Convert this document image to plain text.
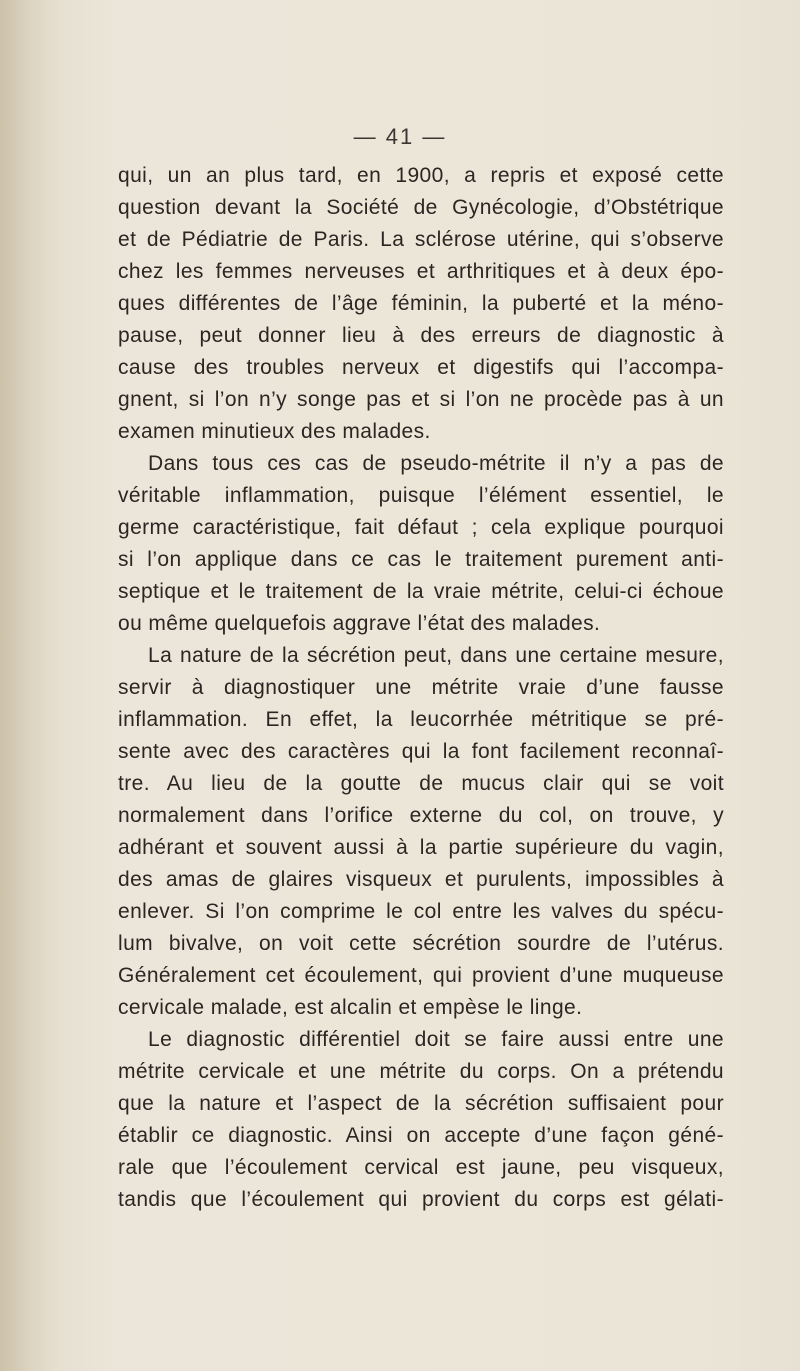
— 41 —
qui, un an plus tard, en 1900, a repris et exposé cette
question devant la Société de Gynécologie, d’Obstétrique
et de Pédiatrie de Paris. La sclérose utérine, qui s’observe
chez les femmes nerveuses et arthritiques et à deux épo-
ques différentes de l’âge féminin, la puberté et la méno-
pause, peut donner lieu à des erreurs de diagnostic à
cause des troubles nerveux et digestifs qui l’accompa-
gnent, si l’on n’y songe pas et si l’on ne procède pas à un
examen minutieux des malades.
Dans tous ces cas de pseudo-métrite il n’y a pas de
véritable inflammation, puisque l’élément essentiel, le
germe caractéristique, fait défaut ; cela explique pourquoi
si l’on applique dans ce cas le traitement purement anti-
septique et le traitement de la vraie métrite, celui-ci échoue
ou même quelquefois aggrave l’état des malades.
La nature de la sécrétion peut, dans une certaine mesure,
servir à diagnostiquer une métrite vraie d’une fausse
inflammation. En effet, la leucorrhée métritique se pré-
sente avec des caractères qui la font facilement reconnaî-
tre. Au lieu de la goutte de mucus clair qui se voit
normalement dans l’orifice externe du col, on trouve, y
adhérant et souvent aussi à la partie supérieure du vagin,
des amas de glaires visqueux et purulents, impossibles à
enlever. Si l’on comprime le col entre les valves du spécu-
lum bivalve, on voit cette sécrétion sourdre de l’utérus.
Généralement cet écoulement, qui provient d’une muqueuse
cervicale malade, est alcalin et empèse le linge.
Le diagnostic différentiel doit se faire aussi entre une
métrite cervicale et une métrite du corps. On a prétendu
que la nature et l’aspect de la sécrétion suffisaient pour
établir ce diagnostic. Ainsi on accepte d’une façon géné-
rale que l’écoulement cervical est jaune, peu visqueux,
tandis que l’écoulement qui provient du corps est gélati-
